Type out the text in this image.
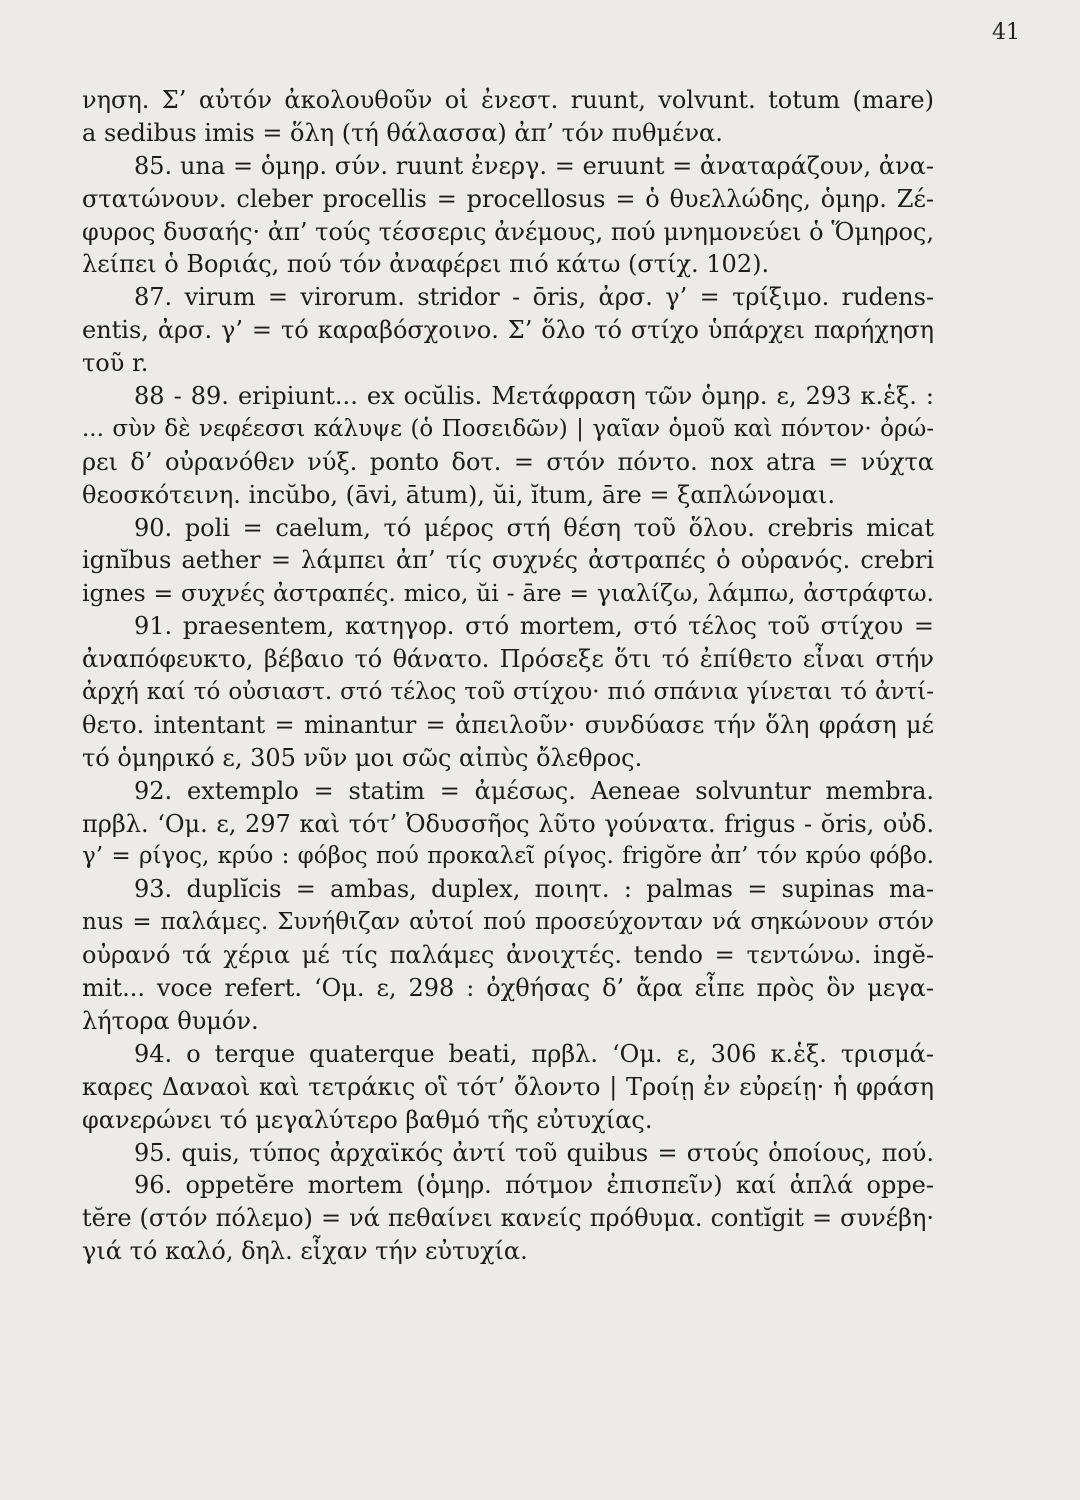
41
νηση. Σ’ αὐτόν ἀκολουθοῦν οἱ ἐνεστ. ruunt, volvunt. totum (mare)
a sedibus imis = ὅλη (τή θάλασσα) ἀπ’ τόν πυθμένα.
85. una = ὁμηρ. σύν. ruunt ἐνεργ. = eruunt = ἀναταράζουν, ἀνα-
στατώνουν. cleber procellis = procellosus = ὁ θυελλώδης, ὁμηρ. Ζέ-
φυρος δυσαής· ἀπ’ τούς τέσσερις ἀνέμους, πού μνημονεύει ὁ Ὅμηρος,
λείπει ὁ Βοριάς, πού τόν ἀναφέρει πιό κάτω (στίχ. 102).
87. virum = virorum. stridor - ōris, ἀρσ. γ’ = τρίξιμο. rudens-
entis, ἀρσ. γ’ = τό καραβόσχοινο. Σ’ ὅλο τό στίχο ὑπάρχει παρήχηση
τοῦ r.
88 - 89. eripiunt... ex ocŭlis. Μετάφραση τῶν ὁμηρ. ε, 293 κ.ἑξ. :
... σὺν δὲ νεφέεσσι κάλυψε (ὁ Ποσειδῶν) | γαῖαν ὁμοῦ καὶ πόντον· ὀρώ-
ρει δ’ οὐρανόθεν νύξ. ponto δοτ. = στόν πόντο. nox atra = νύχτα
θεοσκότεινη. incŭbo, (āvi, ātum), ŭi, ĭtum, āre = ξαπλώνομαι.
90. poli = caelum, τό μέρος στή θέση τοῦ ὅλου. crebris micat
ignĭbus aether = λάμπει ἀπ’ τίς συχνές ἀστραπές ὁ οὐρανός. crebri
ignes = συχνές ἀστραπές. mico, ŭi - āre = γιαλίζω, λάμπω, ἀστράφτω.
91. praesentem, κατηγορ. στό mortem, στό τέλος τοῦ στίχου =
ἀναπόφευκτο, βέβαιο τό θάνατο. Πρόσεξε ὅτι τό ἐπίθετο εἶναι στήν
ἀρχή καί τό οὐσιαστ. στό τέλος τοῦ στίχου· πιό σπάνια γίνεται τό ἀντί-
θετο. intentant = minantur = ἀπειλοῦν· συνδύασε τήν ὅλη φράση μέ
τό ὁμηρικό ε, 305 νῦν μοι σῶς αἰπὺς ὄλεθρος.
92. extemplo = statim = ἀμέσως. Aeneae solvuntur membra.
πρβλ. ‘Ομ. ε, 297 καὶ τότ’ Ὀδυσσῆος λῦτο γούνατα. frigus - ŏris, οὐδ.
γ’ = ρίγος, κρύο : φόβος πού προκαλεῖ ρίγος. frigŏre ἀπ’ τόν κρύο φόβο.
93. duplĭcis = ambas, duplex, ποιητ. : palmas = supinas ma-
nus = παλάμες. Συνήθιζαν αὐτοί πού προσεύχονταν νά σηκώνουν στόν
οὐρανό τά χέρια μέ τίς παλάμες ἀνοιχτές. tendo = τεντώνω. ingĕ-
mit... voce refert. ‘Ομ. ε, 298 : ὀχθήσας δ’ ἄρα εἶπε πρὸς ὃν μεγα-
λήτορα θυμόν.
94. o terque quaterque beati, πρβλ. ‘Ομ. ε, 306 κ.ἑξ. τρισμά-
καρες Δαναοὶ καὶ τετράκις οἳ τότ’ ὄλοντο | Τροίῃ ἐν εὐρείῃ· ἡ φράση
φανερώνει τό μεγαλύτερο βαθμό τῆς εὐτυχίας.
95. quis, τύπος ἀρχαϊκός ἀντί τοῦ quibus = στούς ὁποίους, πού.
96. oppetĕre mortem (ὁμηρ. πότμον ἐπισπεῖν) καί ἁπλά oppe-
tĕre (στόν πόλεμο) = νά πεθαίνει κανείς πρόθυμα. contĭgit = συνέβη·
γιά τό καλό, δηλ. εἶχαν τήν εὐτυχία.
